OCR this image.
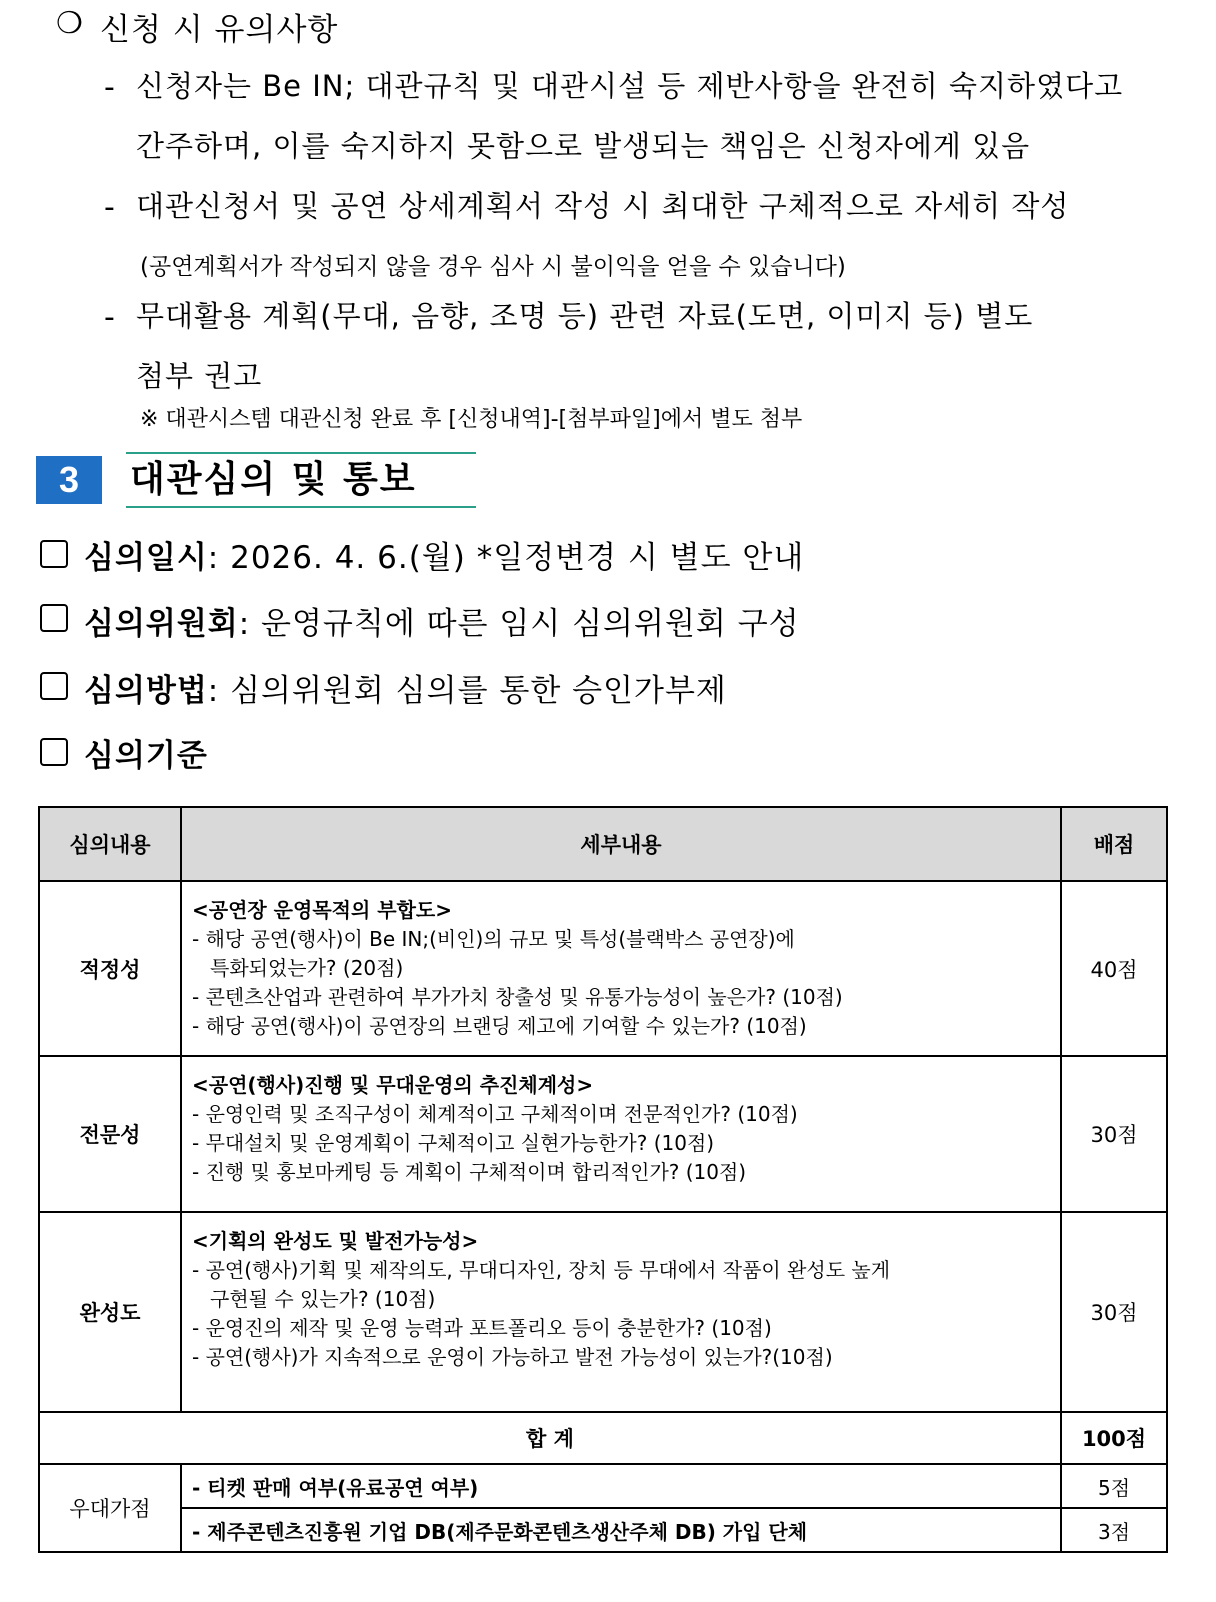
❍ 신청 시 유의사항
- 신청자는 Be IN; 대관규칙 및 대관시설 등 제반사항을 완전히 숙지하였다고
간주하며, 이를 숙지하지 못함으로 발생되는 책임은 신청자에게 있음
- 대관신청서 및 공연 상세계획서 작성 시 최대한 구체적으로 자세히 작성
(공연계획서가 작성되지 않을 경우 심사 시 불이익을 얻을 수 있습니다)
- 무대활용 계획(무대, 음향, 조명 등) 관련 자료(도면, 이미지 등) 별도
첨부 권고
※ 대관시스템 대관신청 완료 후 [신청내역]-[첨부파일]에서 별도 첨부
3	대관심의 및 통보
심의일시: 2026. 4. 6.(월) *일정변경 시 별도 안내
심의위원회: 운영규칙에 따른 임시 심의위원회 구성
심의방법: 심의위원회 심의를 통한 승인가부제
심의기준
심의내용	세부내용	배점
적정성	<공연장 운영목적의 부합도>
- 해당 공연(행사)이 Be IN;(비인)의 규모 및 특성(블랙박스 공연장)에
특화되었는가? (20점)
- 콘텐츠산업과 관련하여 부가가치 창출성 및 유통가능성이 높은가? (10점)
- 해당 공연(행사)이 공연장의 브랜딩 제고에 기여할 수 있는가? (10점)	40점
전문성	<공연(행사)진행 및 무대운영의 추진체계성>
- 운영인력 및 조직구성이 체계적이고 구체적이며 전문적인가? (10점)
- 무대설치 및 운영계획이 구체적이고 실현가능한가? (10점)
- 진행 및 홍보마케팅 등 계획이 구체적이며 합리적인가? (10점)	30점
완성도	<기획의 완성도 및 발전가능성>
- 공연(행사)기획 및 제작의도, 무대디자인, 장치 등 무대에서 작품이 완성도 높게
구현될 수 있는가? (10점)
- 운영진의 제작 및 운영 능력과 포트폴리오 등이 충분한가? (10점)
- 공연(행사)가 지속적으로 운영이 가능하고 발전 가능성이 있는가?(10점)	30점
합 계		100점
우대가점	- 티켓 판매 여부(유료공연 여부)	5점
	- 제주콘텐츠진흥원 기업 DB(제주문화콘텐츠생산주체 DB) 가입 단체	3점
